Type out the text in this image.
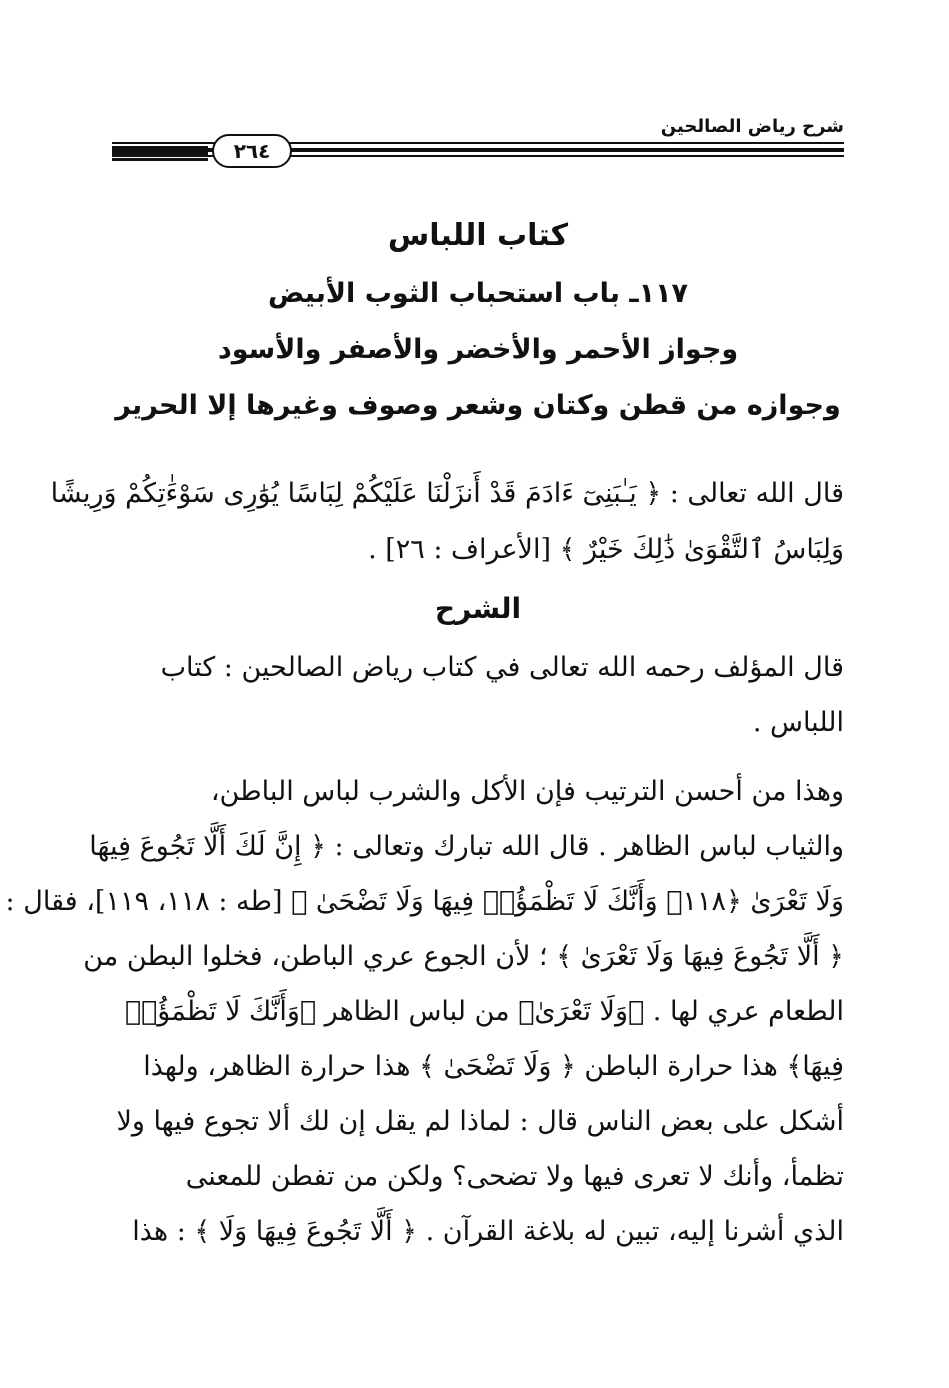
شرح رياض الصالحين
٢٦٤
كتاب اللباس
١١٧ـ باب استحباب الثوب الأبيض
وجواز الأحمر والأخضر والأصفر والأسود
وجوازه من قطن وكتان وشعر وصوف وغيرها إلا الحرير
قال الله تعالى : ﴿ يَـٰبَنِىٓ ءَادَمَ قَدْ أَنزَلْنَا عَلَيْكُمْ لِبَاسًا يُوَٰرِى سَوْءَٰتِكُمْ وَرِيشًا
وَلِبَاسُ ٱلتَّقْوَىٰ ذَٰلِكَ خَيْرٌ ﴾ [الأعراف : ٢٦] .
الشرح
قال المؤلف رحمه الله تعالى في كتاب رياض الصالحين : كتاب
اللباس .
وهذا من أحسن الترتيب فإن الأكل والشرب لباس الباطن،
والثياب لباس الظاهر . قال الله تبارك وتعالى : ﴿ إِنَّ لَكَ أَلَّا تَجُوعَ فِيهَا
وَلَا تَعْرَىٰ ﴿١١٨﴾ وَأَنَّكَ لَا تَظْمَؤُا۟ فِيهَا وَلَا تَضْحَىٰ ﴾ [طه : ١١٨، ١١٩]، فقال :
﴿ أَلَّا تَجُوعَ فِيهَا وَلَا تَعْرَىٰ ﴾ ؛ لأن الجوع عري الباطن، فخلوا البطن من
الطعام عري لها . ﴿وَلَا تَعْرَىٰ﴾ من لباس الظاهر ﴿وَأَنَّكَ لَا تَظْمَؤُا۟
فِيهَا﴾ هذا حرارة الباطن ﴿ وَلَا تَضْحَىٰ ﴾ هذا حرارة الظاهر، ولهذا
أشكل على بعض الناس قال : لماذا لم يقل إن لك ألا تجوع فيها ولا
تظمأ، وأنك لا تعرى فيها ولا تضحى؟ ولكن من تفطن للمعنى
الذي أشرنا إليه، تبين له بلاغة القرآن . ﴿ أَلَّا تَجُوعَ فِيهَا وَلَا ﴾ : هذا
